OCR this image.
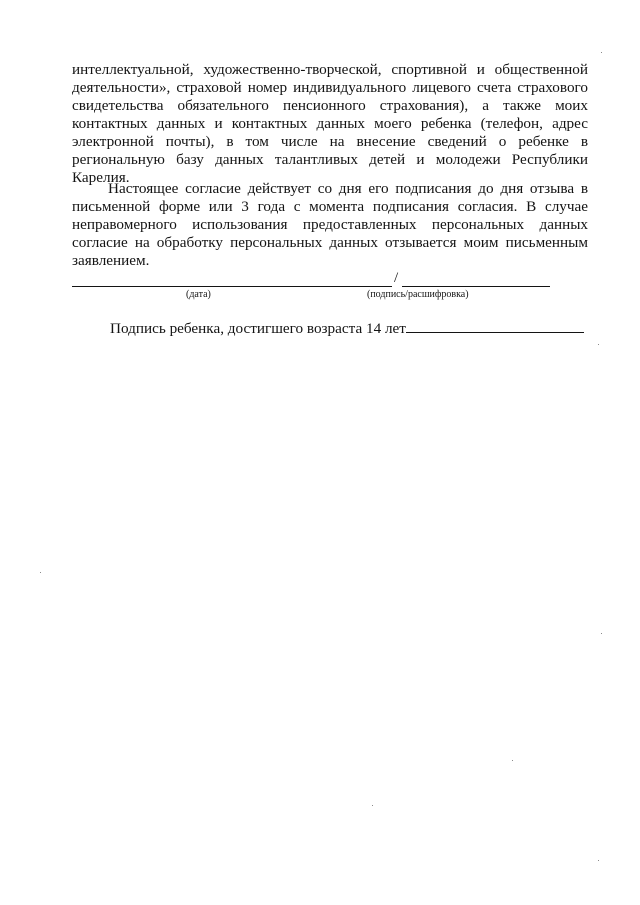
интеллектуальной, художественно-творческой, спортивной и общественной деятельности», страховой номер индивидуального лицевого счета страхового свидетельства обязательного пенсионного страхования), а также моих контактных данных и контактных данных моего ребенка (телефон, адрес электронной почты), в том числе на внесение сведений о ребенке в региональную базу данных талантливых детей и молодежи Республики Карелия.

Настоящее согласие действует со дня его подписания до дня отзыва в письменной форме или 3 года с момента подписания согласия. В случае неправомерного использования предоставленных персональных данных согласие на обработку персональных данных отзывается моим письменным заявлением.

/
(дата)	(подпись/расшифровка)
Подпись ребенка, достигшего возраста 14 лет
